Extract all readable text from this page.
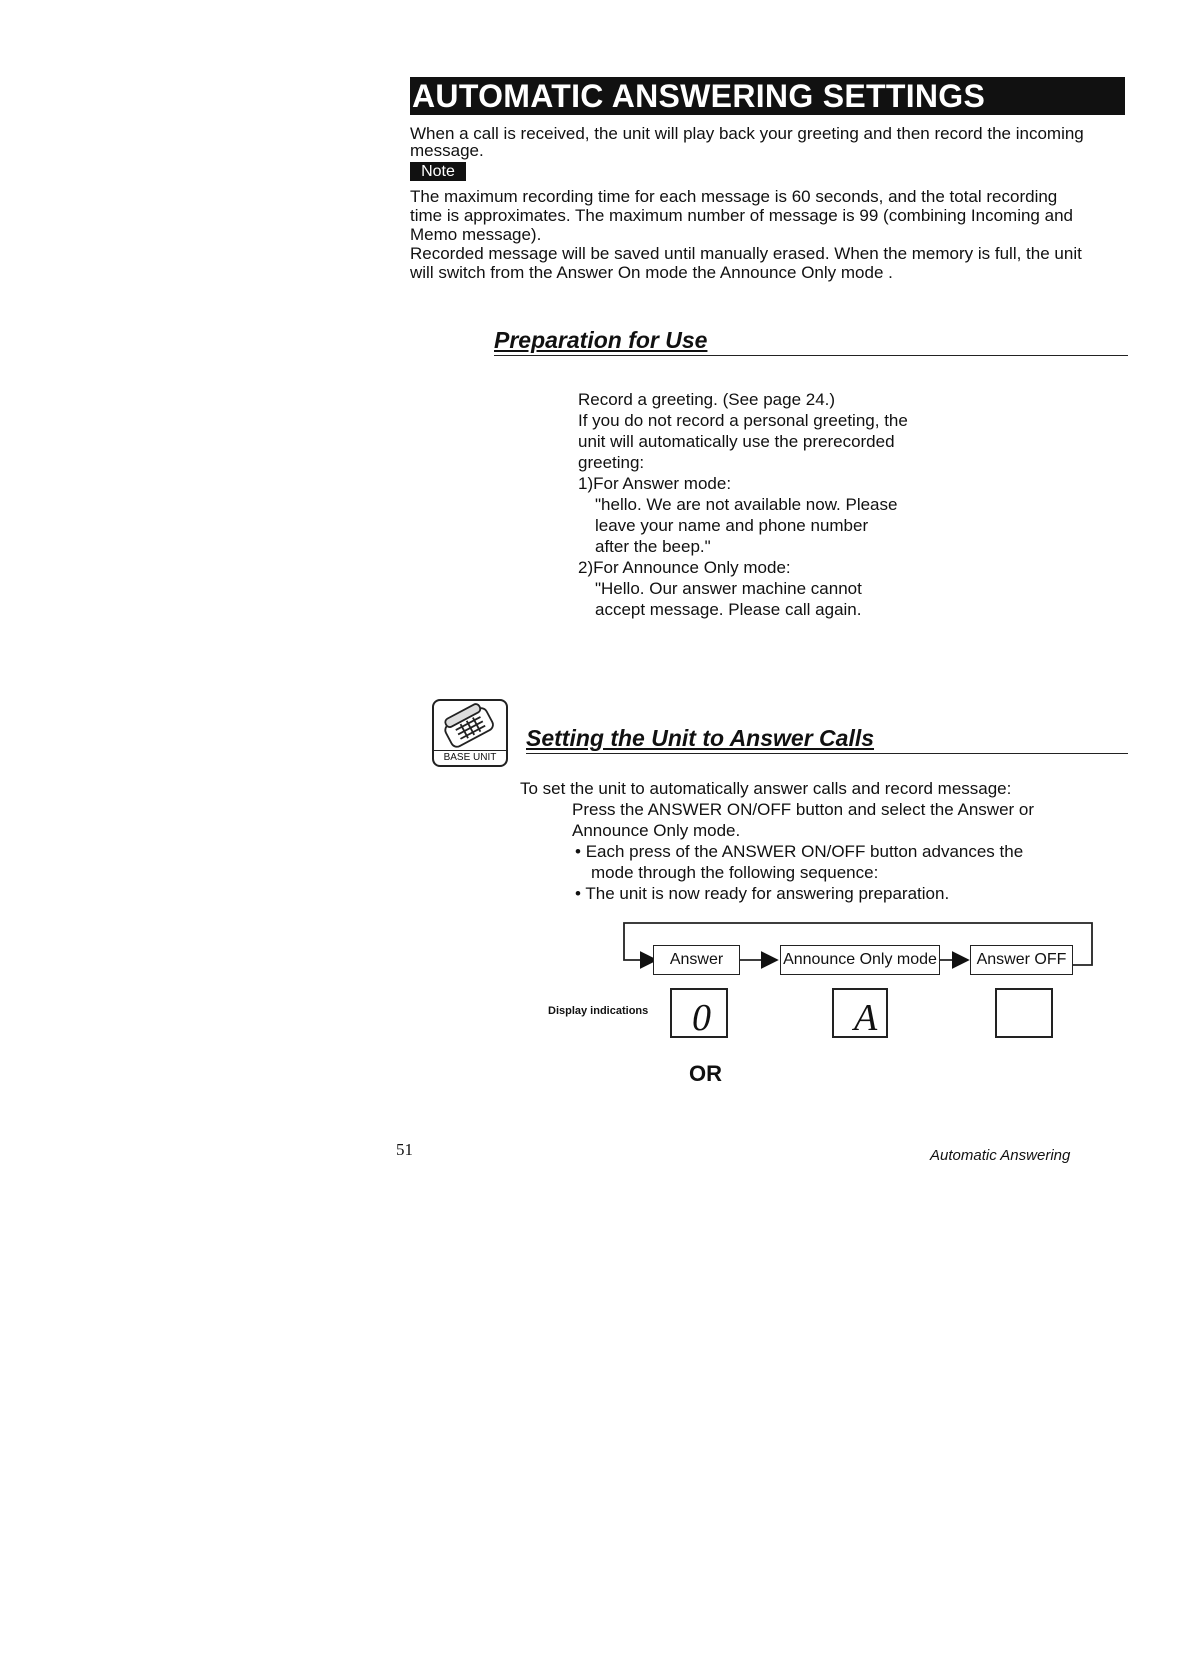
AUTOMATIC ANSWERING SETTINGS
When a call is received, the unit will play back your greeting and then record the incoming
message.
Note
The maximum recording time for each message is 60 seconds, and the total recording
time is approximates. The maximum number of message is 99 (combining Incoming and
Memo message).
Recorded message will be saved until manually erased. When the memory is full, the unit
will switch from the Answer On mode the Announce Only mode .
Preparation for Use
Record a greeting. (See page 24.)
If you do not record a personal greeting, the
unit will automatically use the prerecorded
greeting:
1)For Answer mode:
"hello. We are not available now. Please
leave your name and phone number
after the beep."
2)For Announce Only mode:
"Hello. Our answer machine cannot
accept message. Please call again.
BASE UNIT
Setting the Unit to Answer Calls
To set the unit to automatically answer calls and record message:
Press the ANSWER ON/OFF button and select the Answer or
Announce Only mode.
• Each press of the ANSWER ON/OFF button advances the
mode through the following sequence:
• The unit is now ready for answering preparation.
Answer	Announce Only mode	Answer OFF
Display indications 0	A
OR
51	Automatic Answering
